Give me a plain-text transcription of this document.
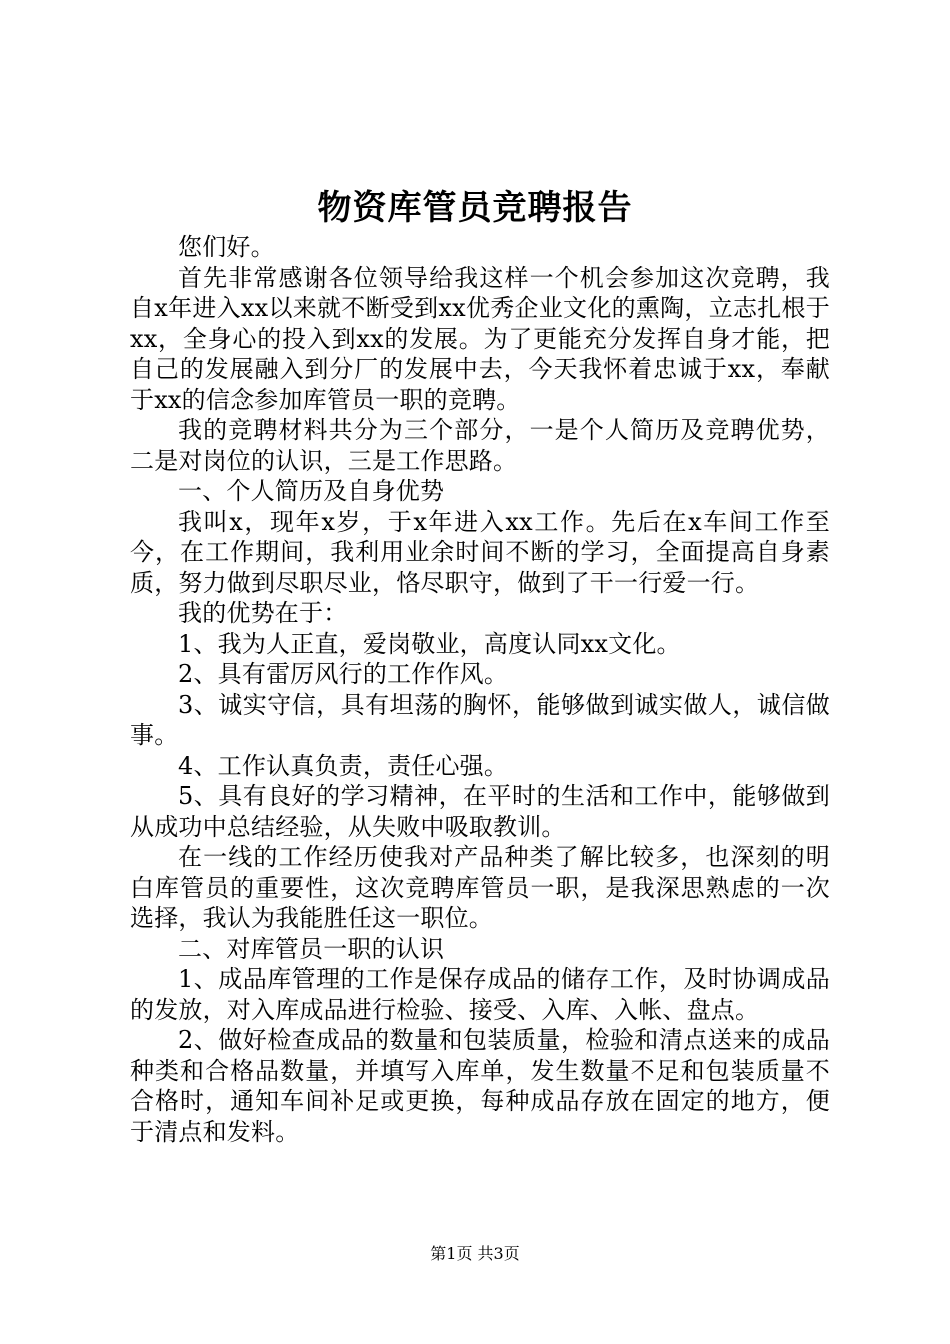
物资库管员竞聘报告

您们好。

首先非常感谢各位领导给我这样一个机会参加这次竞聘，我自x年进入xx以来就不断受到xx优秀企业文化的熏陶，立志扎根于xx，全身心的投入到xx的发展。为了更能充分发挥自身才能，把自己的发展融入到分厂的发展中去，今天我怀着忠诚于xx，奉献于xx的信念参加库管员一职的竞聘。

我的竞聘材料共分为三个部分，一是个人简历及竞聘优势，二是对岗位的认识，三是工作思路。

一、个人简历及自身优势

我叫x，现年x岁，于x年进入xx工作。先后在x车间工作至今，在工作期间，我利用业余时间不断的学习，全面提高自身素质，努力做到尽职尽业，恪尽职守，做到了干一行爱一行。

我的优势在于：

1、我为人正直，爱岗敬业，高度认同xx文化。

2、具有雷厉风行的工作作风。

3、诚实守信，具有坦荡的胸怀，能够做到诚实做人，诚信做事。

4、工作认真负责，责任心强。

5、具有良好的学习精神，在平时的生活和工作中，能够做到从成功中总结经验，从失败中吸取教训。

在一线的工作经历使我对产品种类了解比较多，也深刻的明白库管员的重要性，这次竞聘库管员一职，是我深思熟虑的一次选择，我认为我能胜任这一职位。

二、对库管员一职的认识

1、成品库管理的工作是保存成品的储存工作，及时协调成品的发放，对入库成品进行检验、接受、入库、入帐、盘点。

2、做好检查成品的数量和包装质量，检验和清点送来的成品种类和合格品数量，并填写入库单，发生数量不足和包装质量不合格时，通知车间补足或更换，每种成品存放在固定的地方，便于清点和发料。

第1页 共3页
